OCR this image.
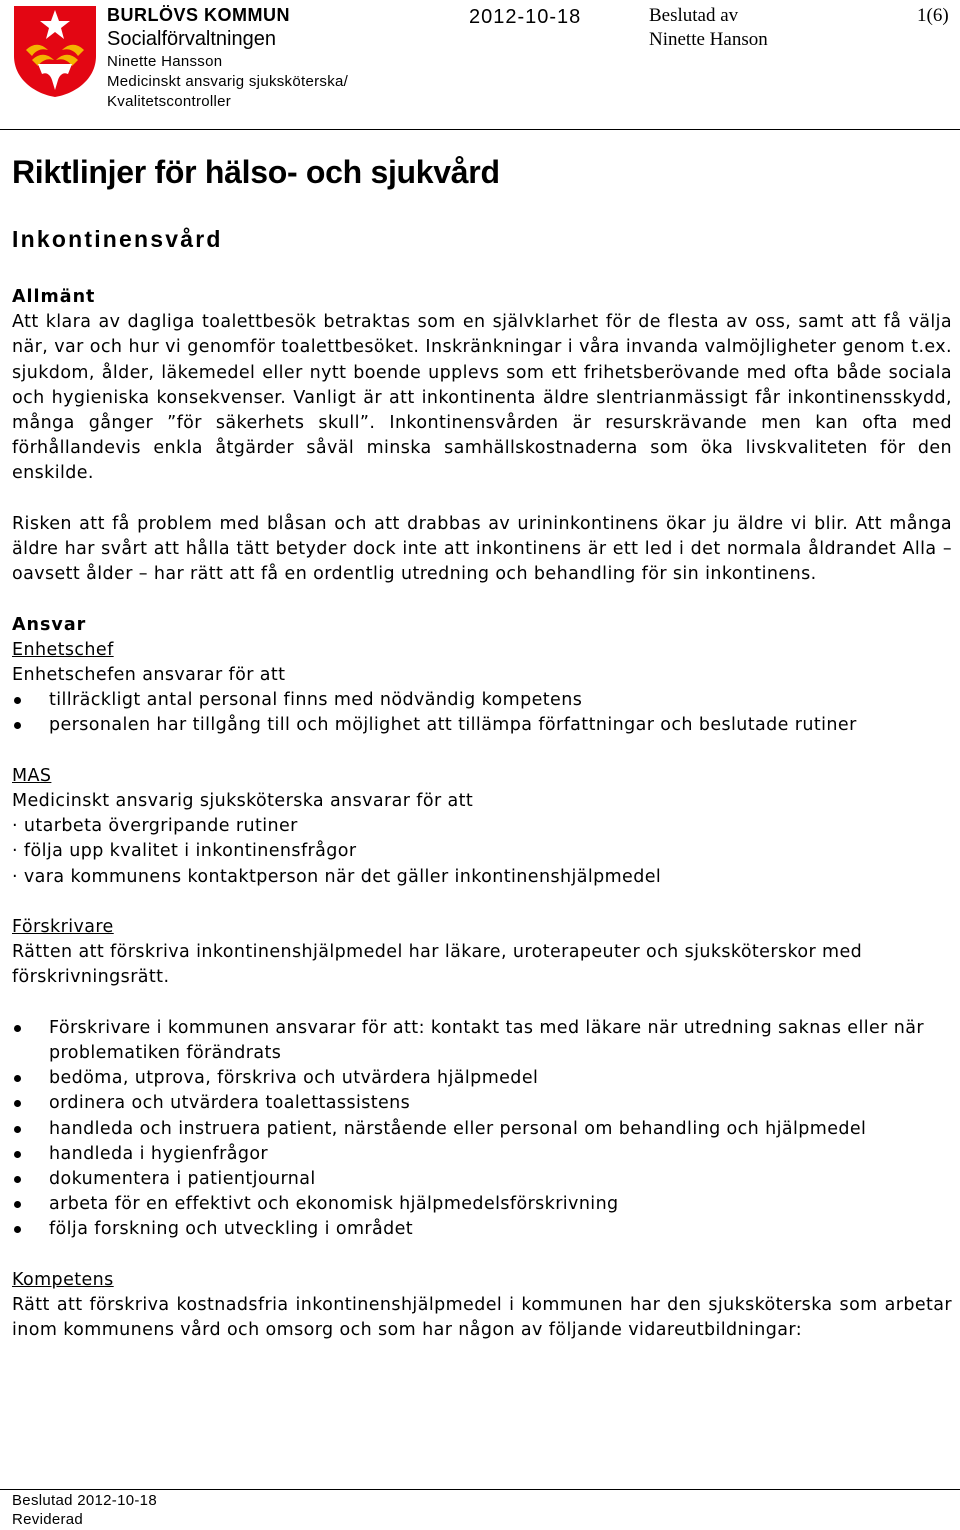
BURLÖVS KOMMUN
Socialförvaltningen
Ninette Hansson
Medicinskt ansvarig sjuksköterska/
Kvalitetscontroller
2012-10-18	Beslutad av
Ninette Hanson
1(6)
Riktlinjer för hälso- och sjukvård
Inkontinensvård
Allmänt

Att klara av dagliga toalettbesök betraktas som en självklarhet för de flesta av oss, samt att få välja när, var och hur vi genomför toalettbesöket. Inskränkningar i våra invanda valmöjligheter genom t.ex. sjukdom, ålder, läkemedel eller nytt boende upplevs som ett frihetsberövande med ofta både sociala och hygieniska konsekvenser. Vanligt är att inkontinenta äldre slentrianmässigt får inkontinensskydd, många gånger ”för säkerhets skull”. Inkontinensvården är resurskrävande men kan ofta med förhållandevis enkla åtgärder såväl minska samhällskostnaderna som öka livskvaliteten för den enskilde.

Risken att få problem med blåsan och att drabbas av urininkontinens ökar ju äldre vi blir. Att många äldre har svårt att hålla tätt betyder dock inte att inkontinens är ett led i det normala åldrandet Alla – oavsett ålder – har rätt att få en ordentlig utredning och behandling för sin inkontinens.

Ansvar
Enhetschef
Enhetschefen ansvarar för att
tillräckligt antal personal finns med nödvändig kompetens
personalen har tillgång till och möjlighet att tillämpa författningar och beslutade rutiner
MAS
Medicinskt ansvarig sjuksköterska ansvarar för att
· utarbeta övergripande rutiner
· följa upp kvalitet i inkontinensfrågor
· vara kommunens kontaktperson när det gäller inkontinenshjälpmedel
Förskrivare
Rätten att förskriva inkontinenshjälpmedel har läkare, uroterapeuter och sjuksköterskor med förskrivningsrätt.
Förskrivare i kommunen ansvarar för att: kontakt tas med läkare när utredning saknas eller när problematiken förändrats
bedöma, utprova, förskriva och utvärdera hjälpmedel
ordinera och utvärdera toalettassistens
handleda och instruera patient, närstående eller personal om behandling och hjälpmedel
handleda i hygienfrågor
dokumentera i patientjournal
arbeta för en effektivt och ekonomisk hjälpmedelsförskrivning
följa forskning och utveckling i området
Kompetens

Rätt att förskriva kostnadsfria inkontinenshjälpmedel i kommunen har den sjuksköterska som arbetar inom kommunens vård och omsorg och som har någon av följande vidareutbildningar:

Beslutad 2012-10-18
Reviderad
